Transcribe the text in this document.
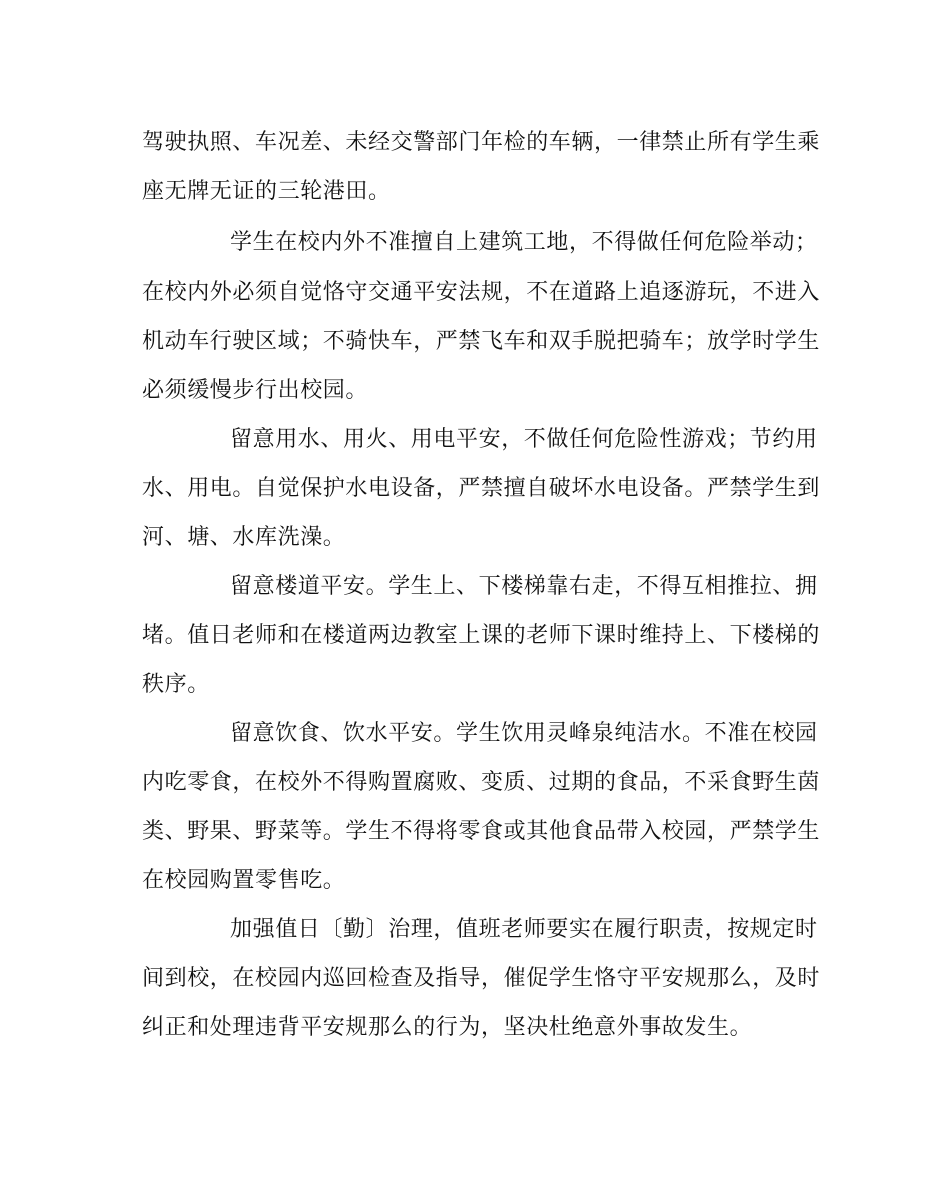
驾驶执照、车况差、未经交警部门年检的车辆，一律禁止所有学生乘
座无牌无证的三轮港田。
学生在校内外不准擅自上建筑工地，不得做任何危险举动；
在校内外必须自觉恪守交通平安法规，不在道路上追逐游玩，不进入
机动车行驶区域；不骑快车，严禁飞车和双手脱把骑车；放学时学生
必须缓慢步行出校园。
留意用水、用火、用电平安，不做任何危险性游戏；节约用
水、用电。自觉保护水电设备，严禁擅自破坏水电设备。严禁学生到
河、塘、水库洗澡。
留意楼道平安。学生上、下楼梯靠右走，不得互相推拉、拥
堵。值日老师和在楼道两边教室上课的老师下课时维持上、下楼梯的
秩序。
留意饮食、饮水平安。学生饮用灵峰泉纯洁水。不准在校园
内吃零食，在校外不得购置腐败、变质、过期的食品，不采食野生茵
类、野果、野菜等。学生不得将零食或其他食品带入校园，严禁学生
在校园购置零售吃。
加强值日〔勤〕治理，值班老师要实在履行职责，按规定时
间到校，在校园内巡回检查及指导，催促学生恪守平安规那么，及时
纠正和处理违背平安规那么的行为，坚决杜绝意外事故发生。
